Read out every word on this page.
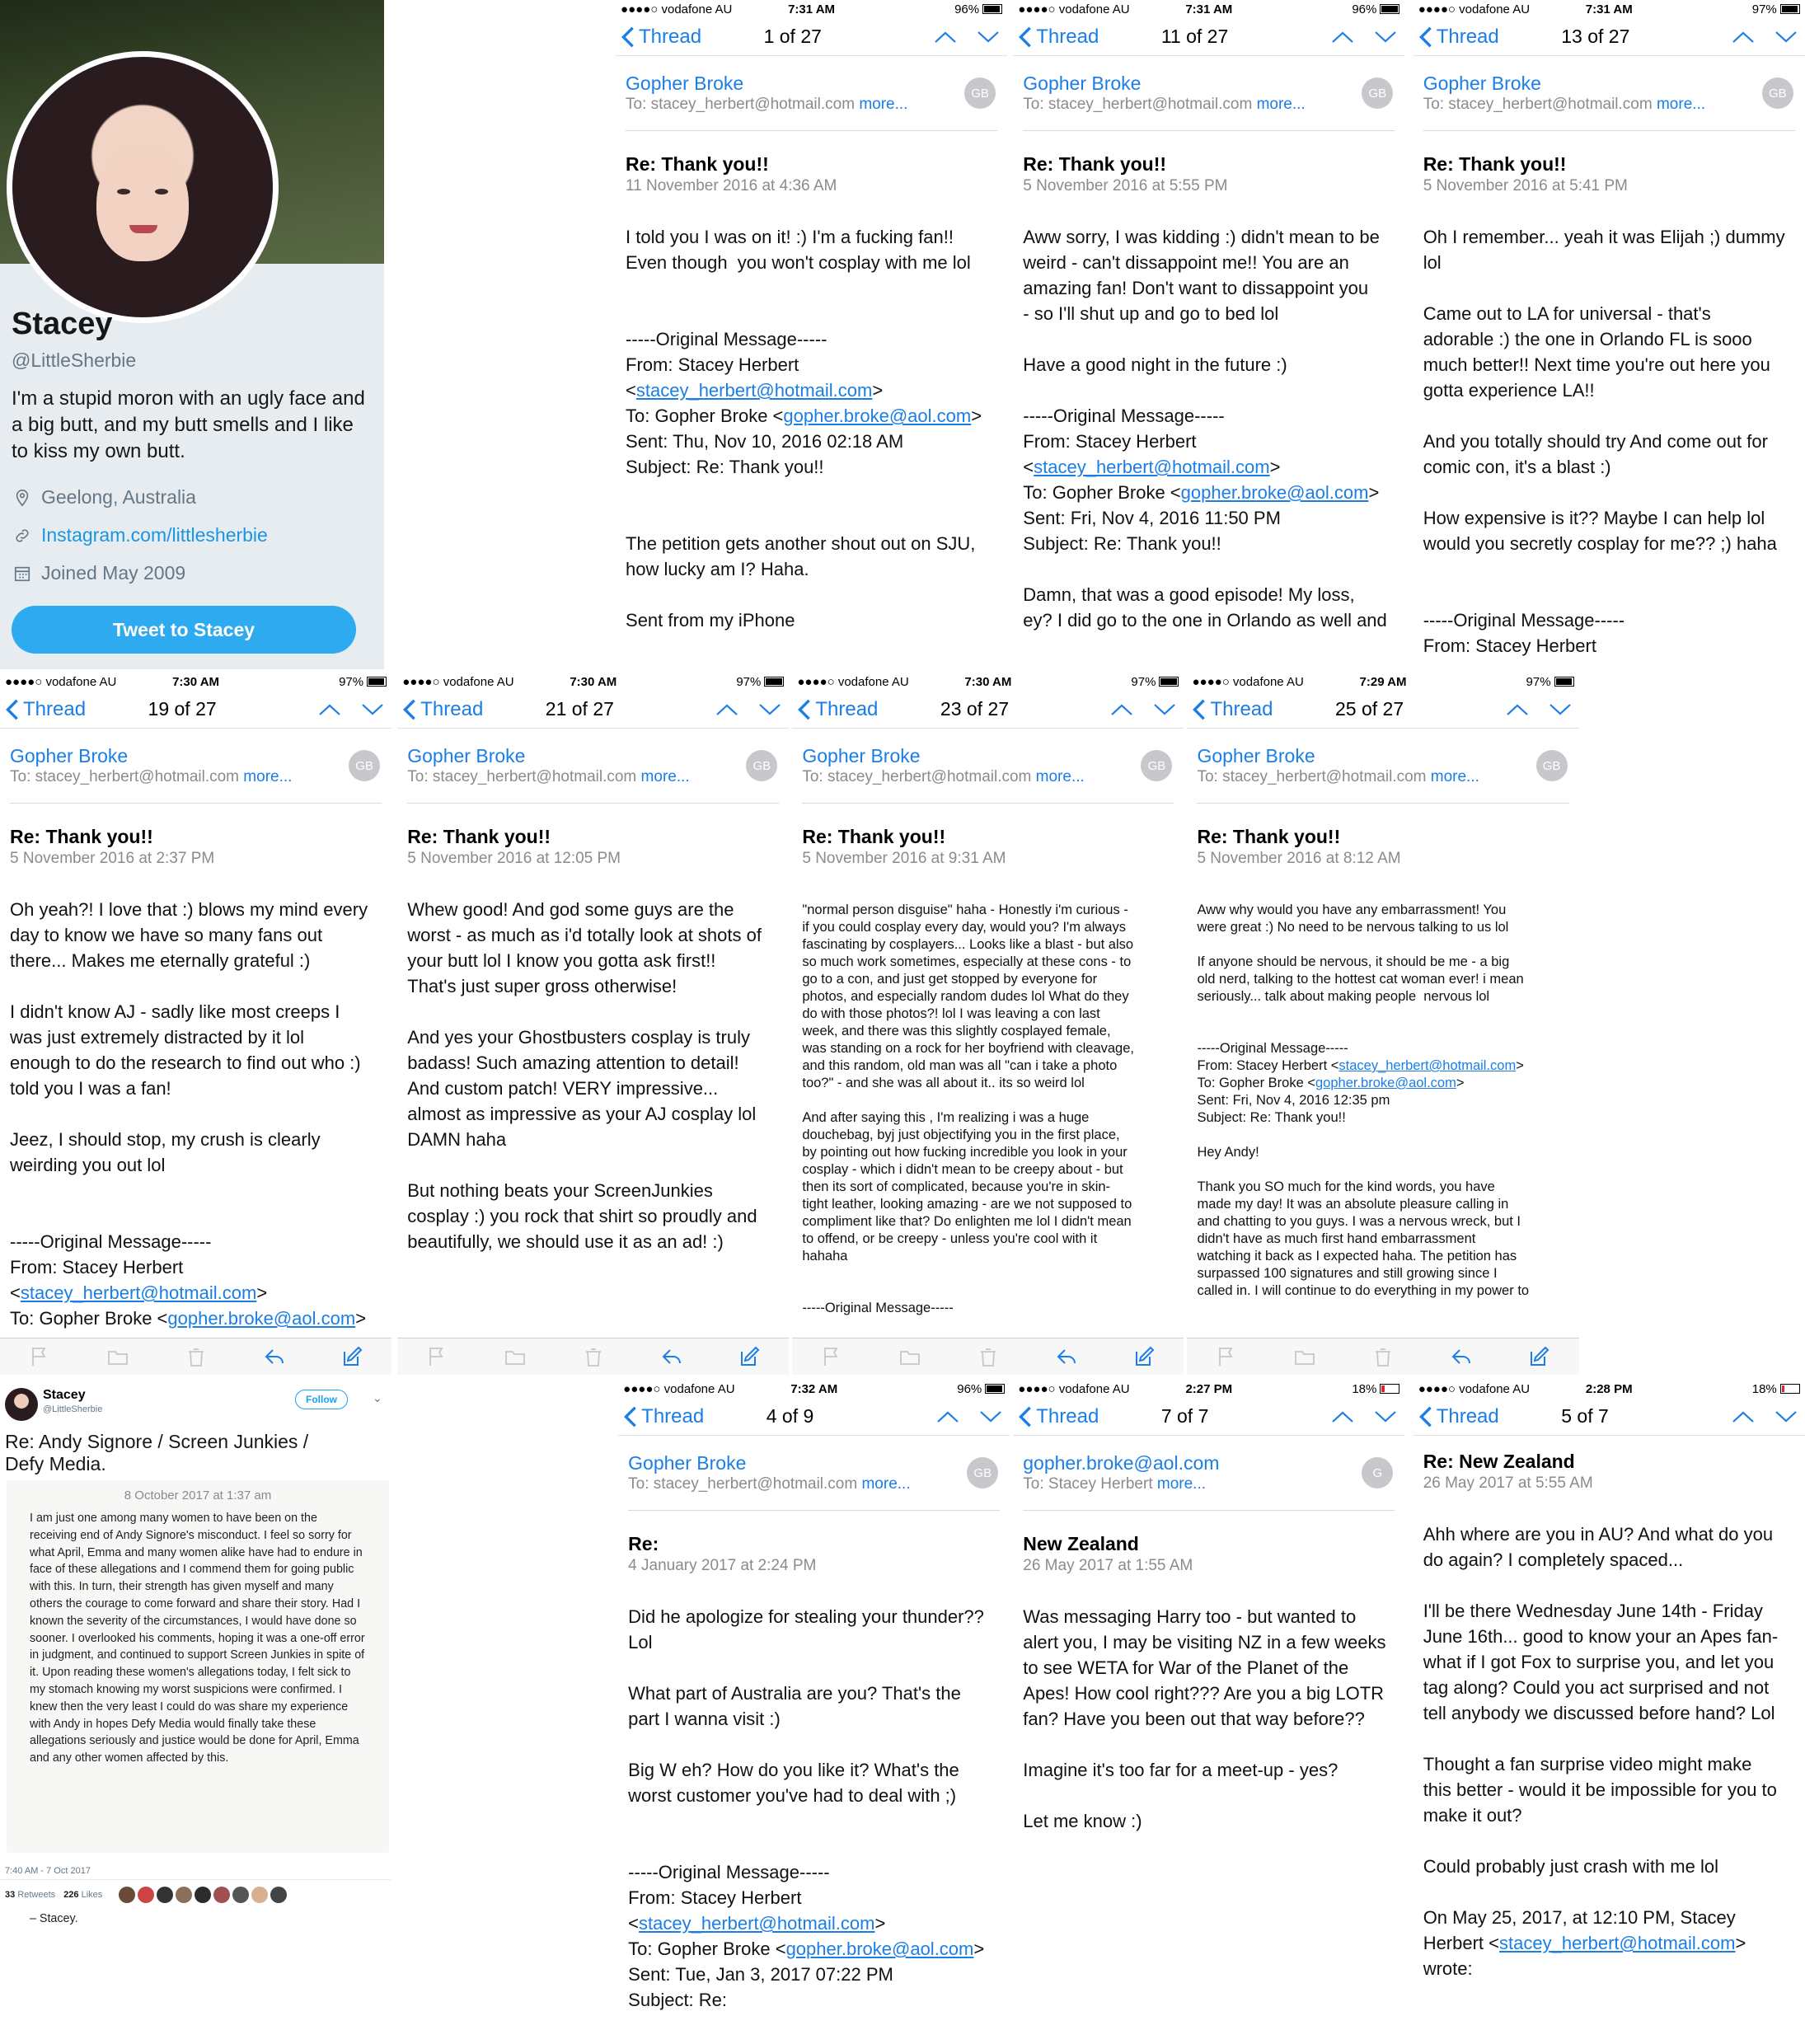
Stacey
@LittleSherbie
I'm a stupid moron with an ugly face and a big butt, and my butt smells and I like to kiss my own butt.
Geelong, Australia
Instagram.com/littlesherbie
Joined May 2009
Tweet to Stacey
●●●●○ vodafone AU	7:31 AM	96%
Thread	1 of 27
Gopher Broke
To: stacey_herbert@hotmail.com more...
GB
Re: Thank you!!
11 November 2016 at 4:36 AM
I told you I was on it! :) I'm a fucking fan!!
Even though  you won't cosplay with me lol

-----Original Message-----
From: Stacey Herbert
<stacey_herbert@hotmail.com>
To: Gopher Broke <gopher.broke@aol.com>
Sent: Thu, Nov 10, 2016 02:18 AM
Subject: Re: Thank you!!

The petition gets another shout out on SJU,
how lucky am I? Haha.

Sent from my iPhone
●●●●○ vodafone AU	7:31 AM	96%
Thread	11 of 27
Gopher Broke
To: stacey_herbert@hotmail.com more...
GB
Re: Thank you!!
5 November 2016 at 5:55 PM
Aww sorry, I was kidding :) didn't mean to be
weird - can't dissappoint me!! You are an
amazing fan! Don't want to dissappoint you
- so I'll shut up and go to bed lol

Have a good night in the future :)

-----Original Message-----
From: Stacey Herbert
<stacey_herbert@hotmail.com>
To: Gopher Broke <gopher.broke@aol.com>
Sent: Fri, Nov 4, 2016 11:50 PM
Subject: Re: Thank you!!

Damn, that was a good episode! My loss,
ey? I did go to the one in Orlando as well and
●●●●○ vodafone AU	7:31 AM	97%
Thread	13 of 27
Gopher Broke
To: stacey_herbert@hotmail.com more...
GB
Re: Thank you!!
5 November 2016 at 5:41 PM
Oh I remember... yeah it was Elijah ;) dummy
lol

Came out to LA for universal - that's
adorable :) the one in Orlando FL is sooo
much better!! Next time you're out here you
gotta experience LA!!

And you totally should try And come out for
comic con, it's a blast :)

How expensive is it?? Maybe I can help lol
would you secretly cosplay for me?? ;) haha

-----Original Message-----
From: Stacey Herbert
●●●●○ vodafone AU	7:30 AM	97%
Thread	19 of 27
Gopher Broke
To: stacey_herbert@hotmail.com more...
GB
Re: Thank you!!
5 November 2016 at 2:37 PM
Oh yeah?! I love that :) blows my mind every
day to know we have so many fans out
there... Makes me eternally grateful :)

I didn't know AJ - sadly like most creeps I
was just extremely distracted by it lol
enough to do the research to find out who :)
told you I was a fan!

Jeez, I should stop, my crush is clearly
weirding you out lol

-----Original Message-----
From: Stacey Herbert
<stacey_herbert@hotmail.com>
To: Gopher Broke <gopher.broke@aol.com>
●●●●○ vodafone AU	7:30 AM	97%
Thread	21 of 27
Gopher Broke
To: stacey_herbert@hotmail.com more...
GB
Re: Thank you!!
5 November 2016 at 12:05 PM
Whew good! And god some guys are the
worst - as much as i'd totally look at shots of
your butt lol I know you gotta ask first!!
That's just super gross otherwise!

And yes your Ghostbusters cosplay is truly
badass! Such amazing attention to detail!
And custom patch! VERY impressive...
almost as impressive as your AJ cosplay lol
DAMN haha

But nothing beats your ScreenJunkies
cosplay :) you rock that shirt so proudly and
beautifully, we should use it as an ad! :)
●●●●○ vodafone AU	7:30 AM	97%
Thread	23 of 27
Gopher Broke
To: stacey_herbert@hotmail.com more...
GB
Re: Thank you!!
5 November 2016 at 9:31 AM
"normal person disguise" haha - Honestly i'm curious -
if you could cosplay every day, would you? I'm always
fascinating by cosplayers... Looks like a blast - but also
so much work sometimes, especially at these cons - to
go to a con, and just get stopped by everyone for
photos, and especially random dudes lol What do they
do with those photos?! lol I was leaving a con last
week, and there was this slightly cosplayed female,
was standing on a rock for her boyfriend with cleavage,
and this random, old man was all "can i take a photo
too?" - and she was all about it.. its so weird lol

And after saying this , I'm realizing i was a huge
douchebag, byj just objectifying you in the first place,
by pointing out how fucking incredible you look in your
cosplay - which i didn't mean to be creepy about - but
then its sort of complicated, because you're in skin-
tight leather, looking amazing - are we not supposed to
compliment like that? Do enlighten me lol I didn't mean
to offend, or be creepy - unless you're cool with it
hahaha

-----Original Message-----
●●●●○ vodafone AU	7:29 AM	97%
Thread	25 of 27
Gopher Broke
To: stacey_herbert@hotmail.com more...
GB
Re: Thank you!!
5 November 2016 at 8:12 AM
Aww why would you have any embarrassment! You
were great :) No need to be nervous talking to us lol

If anyone should be nervous, it should be me - a big
old nerd, talking to the hottest cat woman ever! i mean
seriously... talk about making people  nervous lol

-----Original Message-----
From: Stacey Herbert <stacey_herbert@hotmail.com>
To: Gopher Broke <gopher.broke@aol.com>
Sent: Fri, Nov 4, 2016 12:35 pm
Subject: Re: Thank you!!

Hey Andy!

Thank you SO much for the kind words, you have
made my day! It was an absolute pleasure calling in
and chatting to you guys. I was a nervous wreck, but I
didn't have as much first hand embarrassment
watching it back as I expected haha. The petition has
surpassed 100 signatures and still growing since I
called in. I will continue to do everything in my power to
●●●●○ vodafone AU	7:32 AM	96%
Thread	4 of 9
Gopher Broke
To: stacey_herbert@hotmail.com more...
GB
Re:
4 January 2017 at 2:24 PM
Did he apologize for stealing your thunder??
Lol

What part of Australia are you? That's the
part I wanna visit :)

Big W eh? How do you like it? What's the
worst customer you've had to deal with ;)

-----Original Message-----
From: Stacey Herbert
<stacey_herbert@hotmail.com>
To: Gopher Broke <gopher.broke@aol.com>
Sent: Tue, Jan 3, 2017 07:22 PM
Subject: Re:
●●●●○ vodafone AU	2:27 PM	18%
Thread	7 of 7
gopher.broke@aol.com
To: Stacey Herbert more...
G
New Zealand
26 May 2017 at 1:55 AM
Was messaging Harry too - but wanted to
alert you, I may be visiting NZ in a few weeks
to see WETA for War of the Planet of the
Apes! How cool right??? Are you a big LOTR
fan? Have you been out that way before??

Imagine it's too far for a meet-up - yes?

Let me know :)
●●●●○ vodafone AU	2:28 PM	18%
Thread	5 of 7
Re: New Zealand
26 May 2017 at 5:55 AM
Ahh where are you in AU? And what do you
do again? I completely spaced...

I'll be there Wednesday June 14th - Friday
June 16th... good to know your an Apes fan-
what if I got Fox to surprise you, and let you
tag along? Could you act surprised and not
tell anybody we discussed before hand? Lol

Thought a fan surprise video might make
this better - would it be impossible for you to
make it out?

Could probably just crash with me lol

On May 25, 2017, at 12:10 PM, Stacey
Herbert <stacey_herbert@hotmail.com>
wrote:
Stacey
@LittleSherbie
Follow	⌄
Re: Andy Signore / Screen Junkies / Defy Media.
8 October 2017 at 1:37 am
I am just one among many women to have been on the receiving end of Andy Signore's misconduct. I feel so sorry for what April, Emma and many women alike have had to endure in face of these allegations and I commend them for going public with this. In turn, their strength has given myself and many others the courage to come forward and share their story. Had I known the severity of the circumstances, I would have done so sooner. I overlooked his comments, hoping it was a one-off error in judgment, and continued to support Screen Junkies in spite of it. Upon reading these women's allegations today, I felt sick to my stomach knowing my worst suspicions were confirmed. I knew then the very least I could do was share my experience with Andy in hopes Defy Media would finally take these allegations seriously and justice would be done for April, Emma and any other women affected by this.
– Stacey.
7:40 AM - 7 Oct 2017
33 Retweets 226 Likes
